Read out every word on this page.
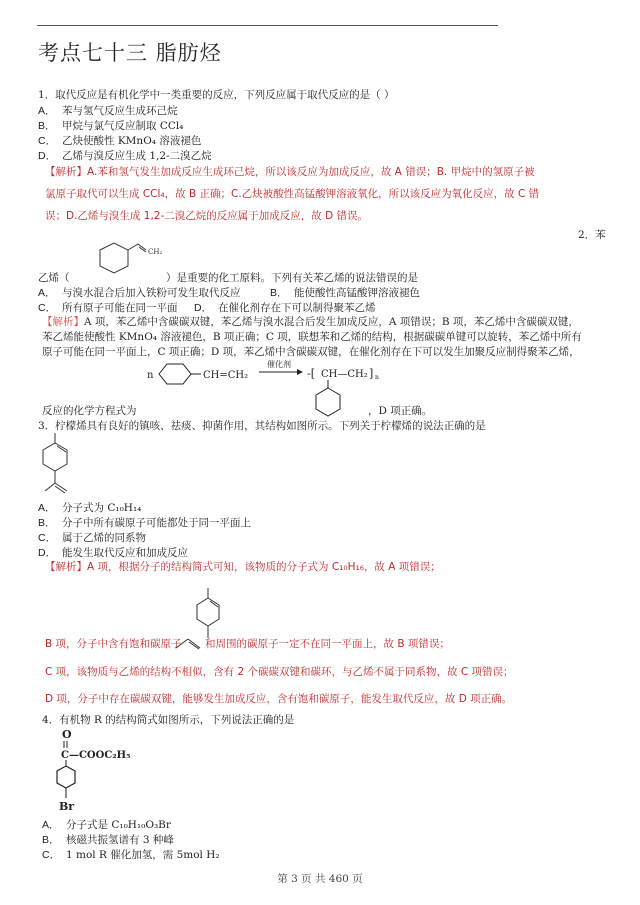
考点七十三 脂肪烃
1．取代反应是有机化学中一类重要的反应，下列反应属于取代反应的是（ ）
A． 苯与氢气反应生成环己烷
B． 甲烷与氯气反应制取 CCl₄
C． 乙炔使酸性 KMnO₄ 溶液褪色
D． 乙烯与溴反应生成 1,2-二溴乙烷
【解析】A.苯和氢气发生加成反应生成环己烷，所以该反应为加成反应，故 A 错误；B. 甲烷中的氢原子被
氯原子取代可以生成 CCl₄，故 B 正确；C.乙炔被酸性高锰酸钾溶液氧化，所以该反应为氧化反应，故 C 错
误；D.乙烯与溴生成 1,2-二溴乙烷的反应属于加成反应，故 D 错误。
2．苯
CH₂
乙烯（	）是重要的化工原料。下列有关苯乙烯的说法错误的是
A． 与溴水混合后加入铁粉可发生取代反应	B． 能使酸性高锰酸钾溶液褪色
C． 所有原子可能在同一平面 D． 在催化剂存在下可以制得聚苯乙烯
【解析】A 项，苯乙烯中含碳碳双键，苯乙烯与溴水混合后发生加成反应，A 项错误；B 项，苯乙烯中含碳碳双键，
苯乙烯能使酸性 KMnO₄ 溶液褪色，B 项正确；C 项，联想苯和乙烯的结构，根据碳碳单键可以旋转，苯乙烯中所有
原子可能在同一平面上，C 项正确；D 项，苯乙烯中含碳碳双键，在催化剂存在下可以发生加聚反应制得聚苯乙烯，
n	CH=CH₂
催化剂
-[ CH—CH₂ ] n
反应的化学方程式为	，D 项正确。
3．柠檬烯具有良好的镇咳、祛痰、抑菌作用，其结构如图所示。下列关于柠檬烯的说法正确的是
A． 分子式为 C₁₀H₁₄
B． 分子中所有碳原子可能都处于同一平面上
C． 属于乙烯的同系物
D． 能发生取代反应和加成反应
【解析】A 项，根据分子的结构简式可知，该物质的分子式为 C₁₀H₁₆，故 A 项错误；
B 项，分子中含有饱和碳原子 和周围的碳原子一定不在同一平面上，故 B 项错误；
C 项，该物质与乙烯的结构不相似，含有 2 个碳碳双键和碳环，与乙烯不属于同系物，故 C 项错误；
D 项，分子中存在碳碳双键，能够发生加成反应，含有饱和碳原子，能发生取代反应，故 D 项正确。
4．有机物 R 的结构简式如图所示，下列说法正确的是
O
C—COOC₂H₅
Br
A． 分子式是 C₁₀H₁₀O₃Br
B． 核磁共振氢谱有 3 种峰
C． 1 mol R 催化加氢，需 5mol H₂
第 3 页 共 460 页
